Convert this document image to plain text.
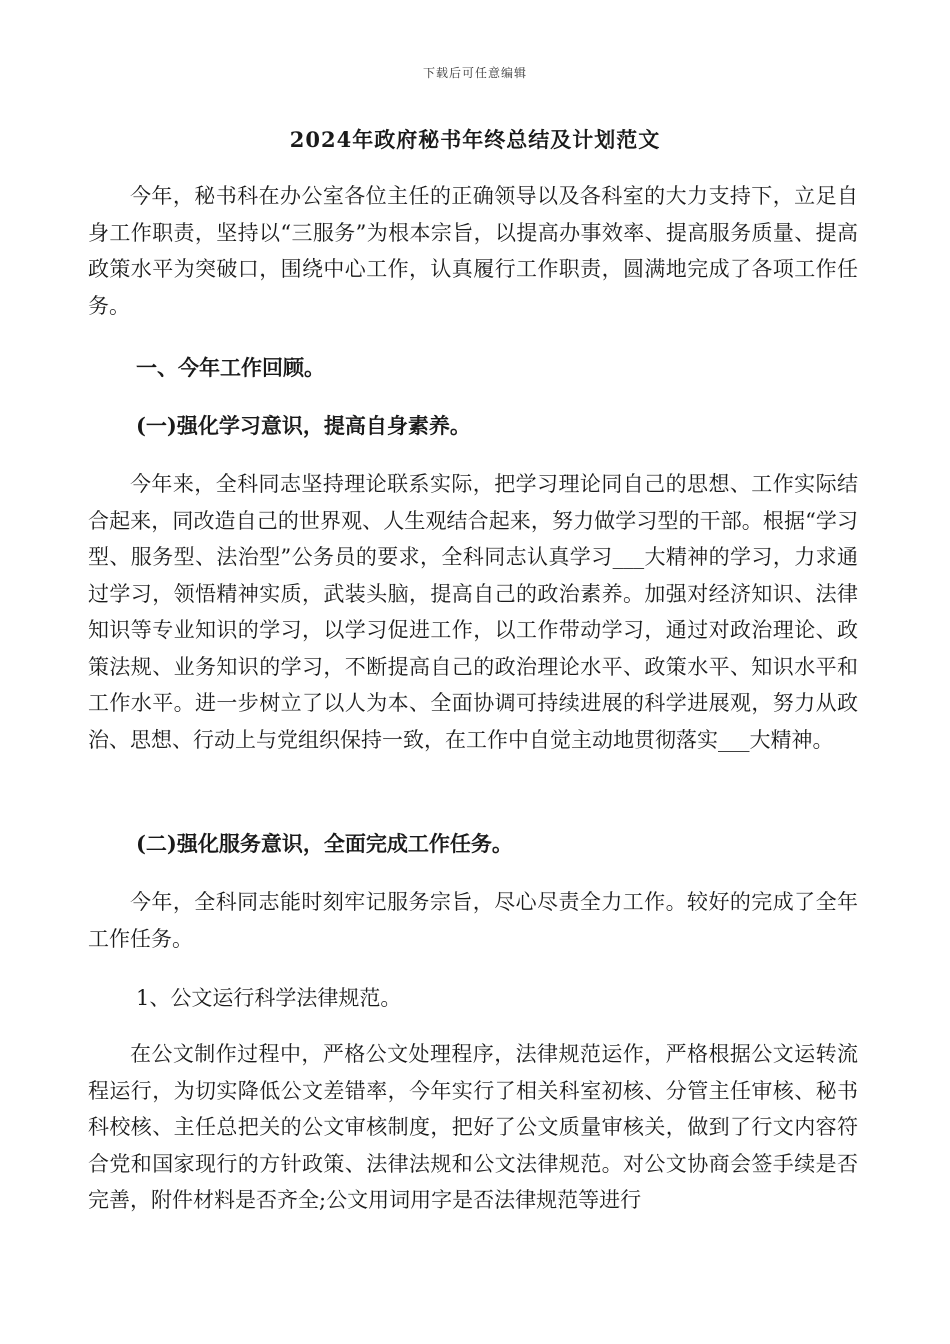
下载后可任意编辑
2024年政府秘书年终总结及计划范文
今年，秘书科在办公室各位主任的正确领导以及各科室的大力支持下，立足自身工作职责，坚持以“三服务”为根本宗旨，以提高办事效率、提高服务质量、提高政策水平为突破口，围绕中心工作，认真履行工作职责，圆满地完成了各项工作任务。
一、今年工作回顾。
(一)强化学习意识，提高自身素养。
今年来，全科同志坚持理论联系实际，把学习理论同自己的思想、工作实际结合起来，同改造自己的世界观、人生观结合起来，努力做学习型的干部。根据“学习型、服务型、法治型”公务员的要求，全科同志认真学习___大精神的学习，力求通过学习，领悟精神实质，武装头脑，提高自己的政治素养。加强对经济知识、法律知识等专业知识的学习，以学习促进工作，以工作带动学习，通过对政治理论、政策法规、业务知识的学习，不断提高自己的政治理论水平、政策水平、知识水平和工作水平。进一步树立了以人为本、全面协调可持续进展的科学进展观，努力从政治、思想、行动上与党组织保持一致，在工作中自觉主动地贯彻落实___大精神。
(二)强化服务意识，全面完成工作任务。
今年，全科同志能时刻牢记服务宗旨，尽心尽责全力工作。较好的完成了全年工作任务。
1、公文运行科学法律规范。
在公文制作过程中，严格公文处理程序，法律规范运作，严格根据公文运转流程运行，为切实降低公文差错率，今年实行了相关科室初核、分管主任审核、秘书科校核、主任总把关的公文审核制度，把好了公文质量审核关，做到了行文内容符合党和国家现行的方针政策、法律法规和公文法律规范。对公文协商会签手续是否完善，附件材料是否齐全;公文用词用字是否法律规范等进行
